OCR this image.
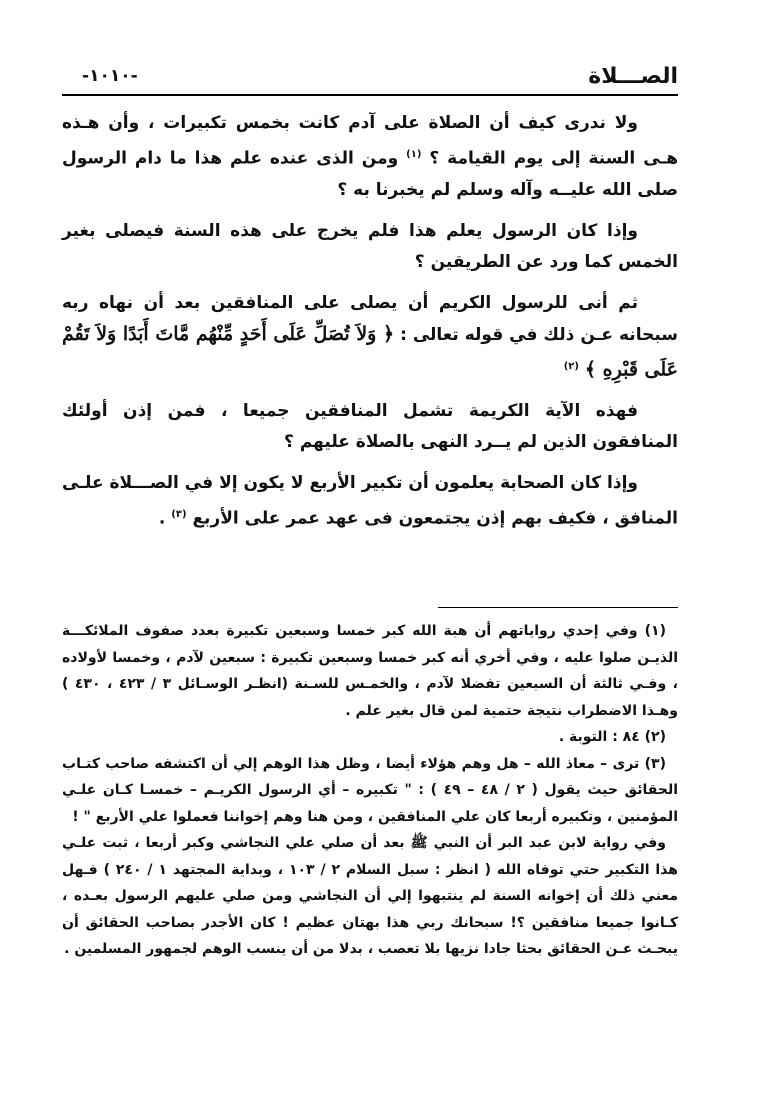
الصـــلاة
-١٠١٠-

ولا ندرى كيف أن الصلاة على آدم كانت بخمس تكبيرات ، وأن هـذه هـى السنة إلى يوم القيامة ؟ $^{(١)}$ ومن الذى عنده علم هذا ما دام الرسول صلى الله عليــه وآله وسلم لم يخبرنا به ؟

وإذا كان الرسول يعلم هذا فلم يخرج على هذه السنة فيصلى بغير الخمس كما ورد عن الطريقين ؟

ثم أنى للرسول الكريم أن يصلى على المنافقين بعد أن نهاه ربه سبحانه عـن ذلك في قوله تعالى : ﴿ وَلاَ تُصَلِّ عَلَى أَحَدٍ مِّنْهُم مَّاتَ أَبَدًا وَلاَ تَقُمْ عَلَى قَبْرِهِ ﴾ $^{(٢)}$

فهذه الآية الكريمة تشمل المنافقين جميعا ، فمن إذن أولئك المنافقون الذين لم يــرد النهى بالصلاة عليهم ؟

وإذا كان الصحابة يعلمون أن تكبير الأربع لا يكون إلا في الصـــلاة علـى المنافق ، فكيف بهم إذن يجتمعون فى عهد عمر على الأربع $^{(٣)}$ .

(١) وفي إحدي رواياتهم أن هبة الله كبر خمسا وسبعين تكبيرة بعدد صفوف الملائكـــة الذيـن صلوا عليه ، وفي أخري أنه كبر خمسا وسبعين تكبيرة : سبعين لآدم ، وخمسا لأولاده ، وفـي ثالثة أن السبعين تفضلا لآدم ، والخمـس للسـنة (انظـر الوسـائل ٣ / ٤٢٣ ، ٤٣٠ ) وهـذا الاضطراب نتيجة حتمية لمن قال بغير علم .

(٢) ٨٤ : التوبة .

(٣) ترى – معاذ الله – هل وهم هؤلاء أيضا ، وظل هذا الوهم إلي أن اكتشفه صاحب كتـاب الحقائق حيث يقول ( ٢ / ٤٨ – ٤٩ ) : " تكبيره – أي الرسول الكريـم – خمسـا كـان علـي المؤمنين ، وتكبيره أربعا كان علي المنافقين ، ومن هنا وهم إخواننا فعملوا علي الأربع " !

وفي رواية لابن عبد البر أن النبي ﷺ بعد أن صلي علي النجاشي وكبر أربعا ، ثبت علـي هذا التكبير حتي توفاه الله ( انظر : سبل السلام ٢ / ١٠٣ ، وبداية المجتهد ١ / ٢٤٠ ) فـهل معني ذلك أن إخوانه السنة لم ينتبهوا إلي أن النجاشي ومن صلي عليهم الرسول بعـده ، كـانوا جميعا منافقين ؟! سبحانك ربي هذا بهتان عظيم ! كان الأجدر بصاحب الحقائق أن يبحـث عـن الحقائق بحثا جادا نزيها بلا تعصب ، بدلا من أن ينسب الوهم لجمهور المسلمين .
